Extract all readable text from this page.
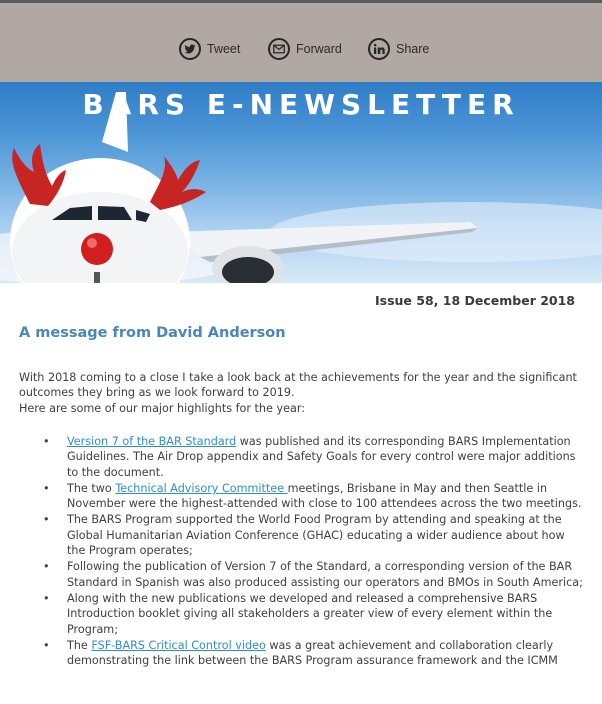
Tweet	Forward	Share
BARS E-NEWSLETTER
Issue 58, 18 December 2018
A message from David Anderson

With 2018 coming to a close I take a look back at the achievements for the year and the significant outcomes they bring as we look forward to 2019.

Here are some of our major highlights for the year:

• Version 7 of the BAR Standard was published and its corresponding BARS Implementation Guidelines. The Air Drop appendix and Safety Goals for every control were major additions to the document.
• The two Technical Advisory Committee meetings, Brisbane in May and then Seattle in November were the highest-attended with close to 100 attendees across the two meetings.
• The BARS Program supported the World Food Program by attending and speaking at the Global Humanitarian Aviation Conference (GHAC) educating a wider audience about how the Program operates;
• Following the publication of Version 7 of the Standard, a corresponding version of the BAR Standard in Spanish was also produced assisting our operators and BMOs in South America;
• Along with the new publications we developed and released a comprehensive BARS Introduction booklet giving all stakeholders a greater view of every element within the Program;
• The FSF-BARS Critical Control video was a great achievement and collaboration clearly demonstrating the link between the BARS Program assurance framework and the ICMM
